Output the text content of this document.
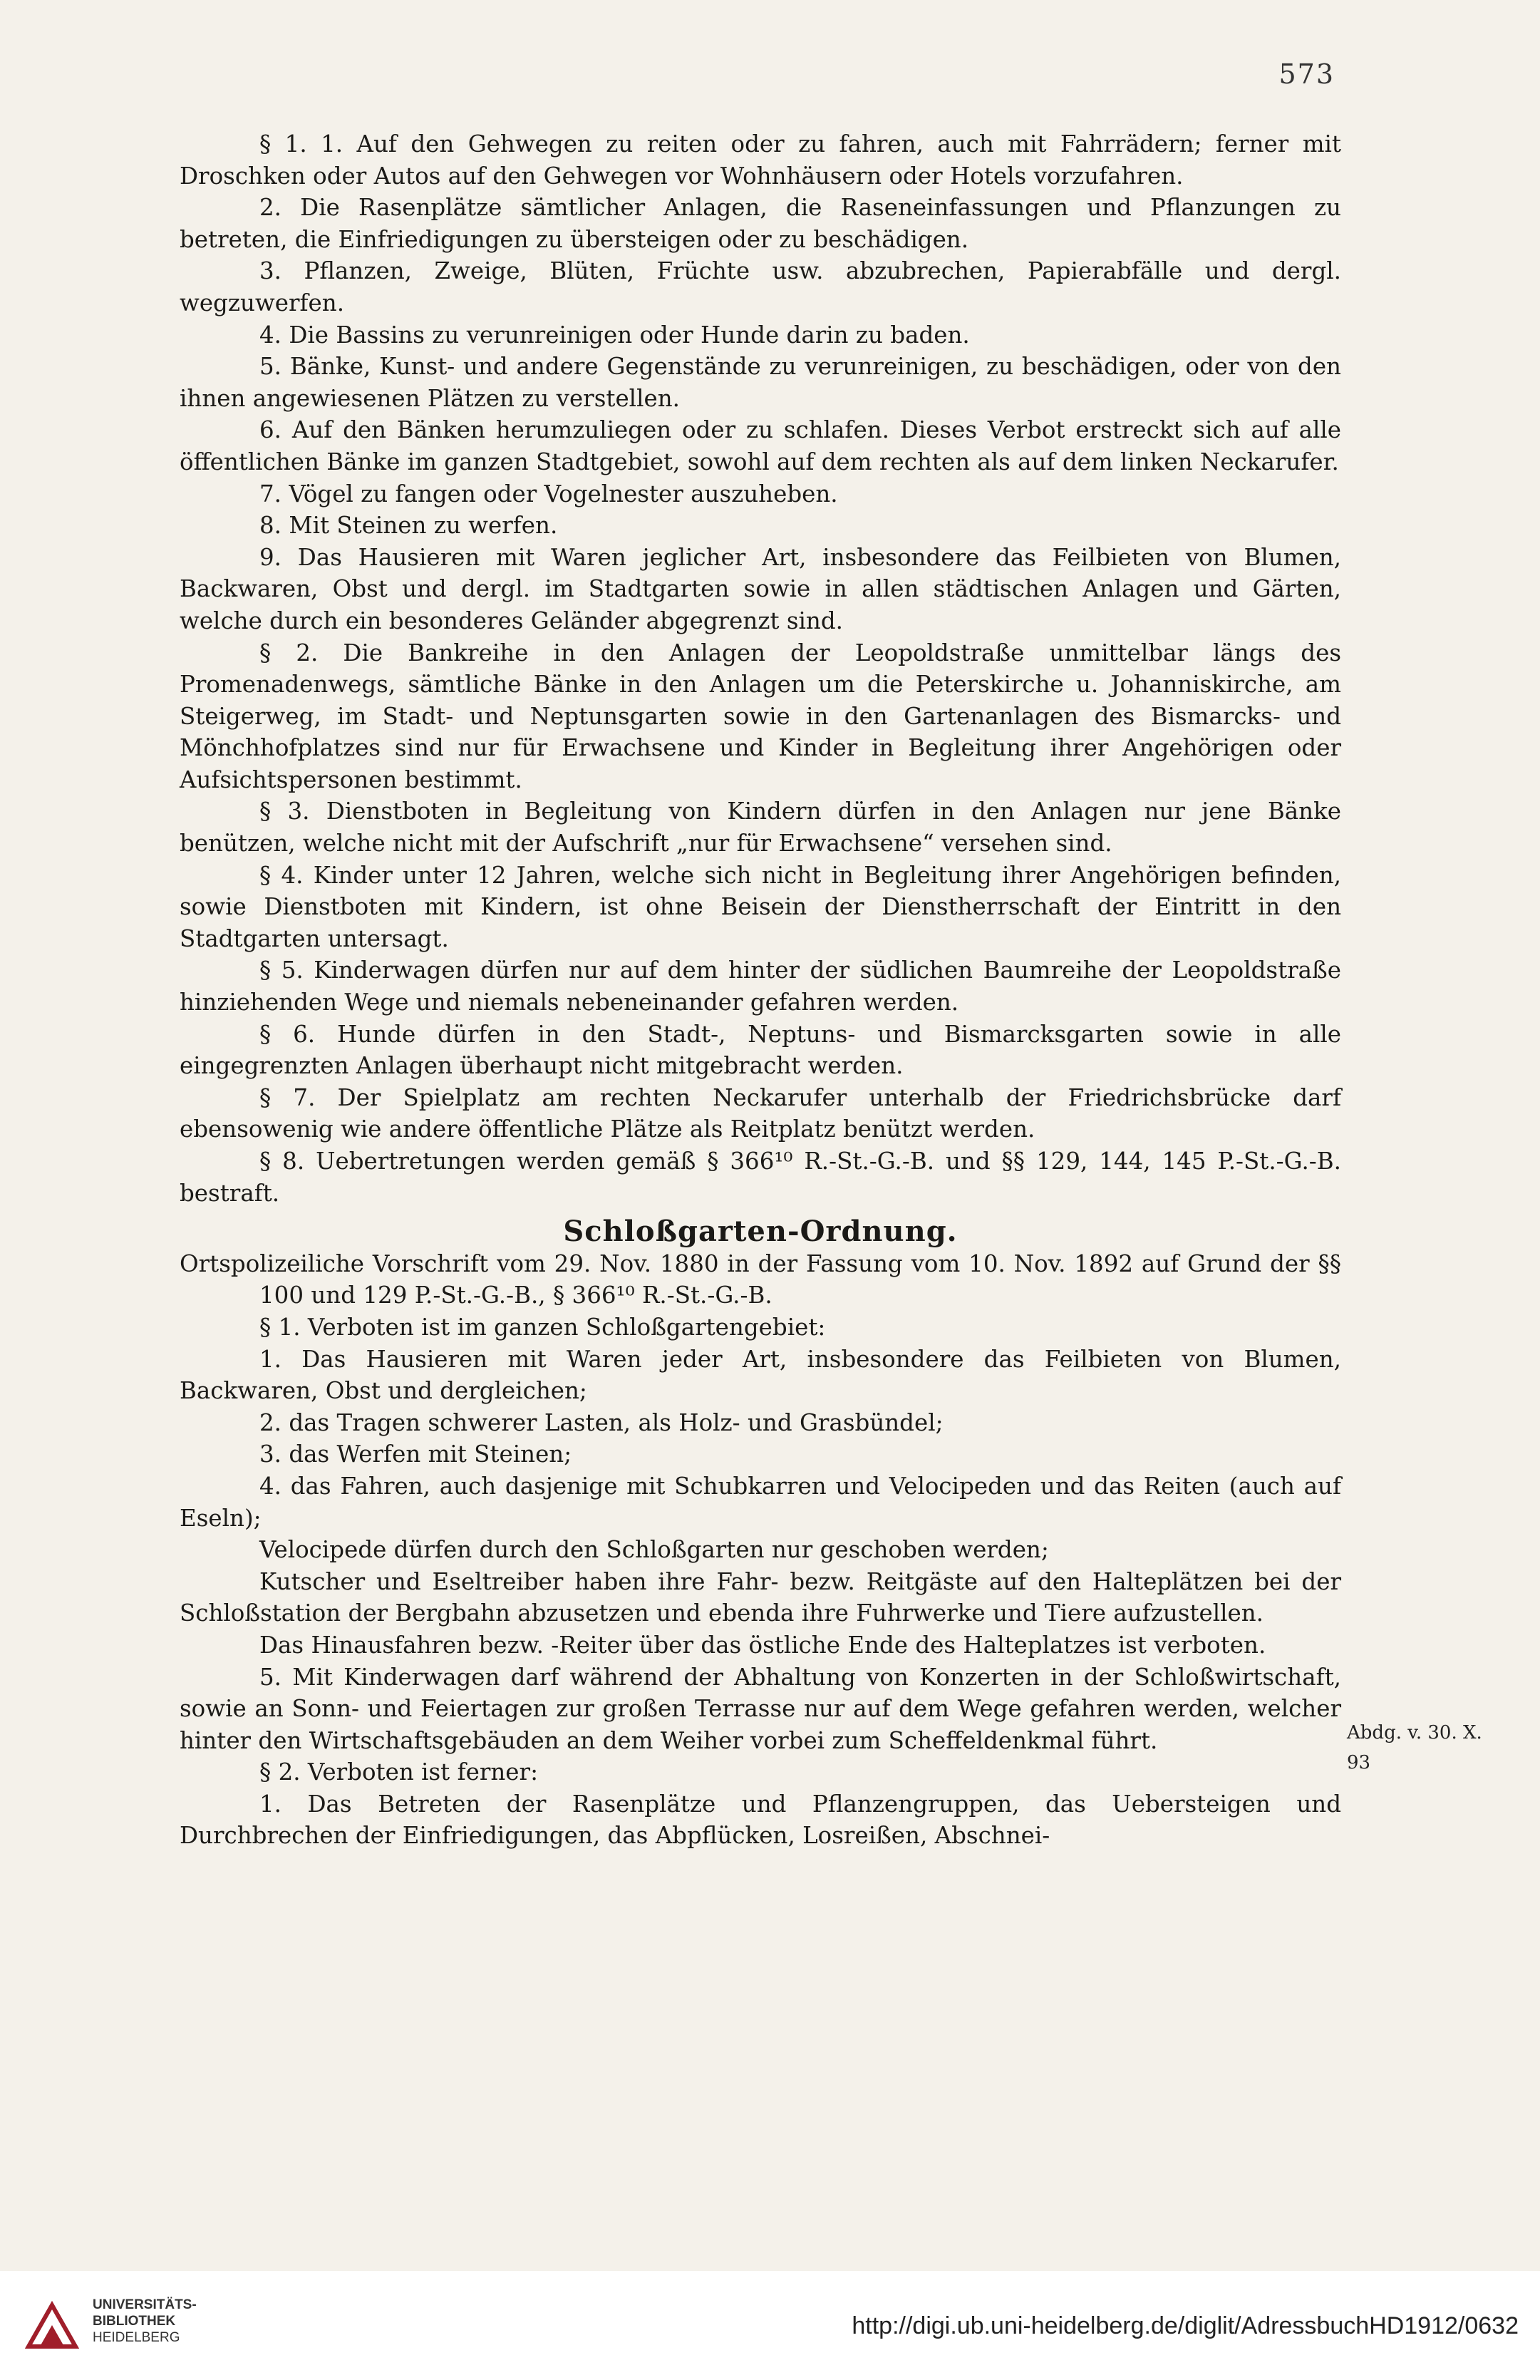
573

§ 1. 1. Auf den Gehwegen zu reiten oder zu fahren, auch mit Fahrrädern; ferner mit Droschken oder Autos auf den Gehwegen vor Wohnhäusern oder Hotels vorzufahren.

2. Die Rasenplätze sämtlicher Anlagen, die Raseneinfassungen und Pflanzungen zu betreten, die Einfriedigungen zu übersteigen oder zu beschädigen.

3. Pflanzen, Zweige, Blüten, Früchte usw. abzubrechen, Papierabfälle und dergl. wegzuwerfen.

4. Die Bassins zu verunreinigen oder Hunde darin zu baden.

5. Bänke, Kunst- und andere Gegenstände zu verunreinigen, zu beschädigen, oder von den ihnen angewiesenen Plätzen zu verstellen.

6. Auf den Bänken herumzuliegen oder zu schlafen. Dieses Verbot erstreckt sich auf alle öffentlichen Bänke im ganzen Stadtgebiet, sowohl auf dem rechten als auf dem linken Neckarufer.

7. Vögel zu fangen oder Vogelnester auszuheben.

8. Mit Steinen zu werfen.

9. Das Hausieren mit Waren jeglicher Art, insbesondere das Feilbieten von Blumen, Backwaren, Obst und dergl. im Stadtgarten sowie in allen städtischen Anlagen und Gärten, welche durch ein besonderes Geländer abgegrenzt sind.

§ 2. Die Bankreihe in den Anlagen der Leopoldstraße unmittelbar längs des Promenadenwegs, sämtliche Bänke in den Anlagen um die Peterskirche u. Johanniskirche, am Steigerweg, im Stadt- und Neptunsgarten sowie in den Gartenanlagen des Bismarcks- und Mönchhofplatzes sind nur für Erwachsene und Kinder in Begleitung ihrer Angehörigen oder Aufsichtspersonen bestimmt.

§ 3. Dienstboten in Begleitung von Kindern dürfen in den Anlagen nur jene Bänke benützen, welche nicht mit der Aufschrift „nur für Erwachsene“ versehen sind.

§ 4. Kinder unter 12 Jahren, welche sich nicht in Begleitung ihrer Angehörigen befinden, sowie Dienstboten mit Kindern, ist ohne Beisein der Dienstherrschaft der Eintritt in den Stadtgarten untersagt.

§ 5. Kinderwagen dürfen nur auf dem hinter der südlichen Baumreihe der Leopoldstraße hinziehenden Wege und niemals nebeneinander gefahren werden.

§ 6. Hunde dürfen in den Stadt-, Neptuns- und Bismarcksgarten sowie in alle eingegrenzten Anlagen überhaupt nicht mitgebracht werden.

§ 7. Der Spielplatz am rechten Neckarufer unterhalb der Friedrichsbrücke darf ebensowenig wie andere öffentliche Plätze als Reitplatz benützt werden.

§ 8. Uebertretungen werden gemäß § 366¹⁰ R.-St.-G.-B. und §§ 129, 144, 145 P.-St.-G.-B. bestraft.

Schloßgarten-Ordnung.

Ortspolizeiliche Vorschrift vom 29. Nov. 1880 in der Fassung vom 10. Nov. 1892 auf Grund der §§ 100 und 129 P.-St.-G.-B., § 366¹⁰ R.-St.-G.-B.

§ 1. Verboten ist im ganzen Schloßgartengebiet:

1. Das Hausieren mit Waren jeder Art, insbesondere das Feilbieten von Blumen, Backwaren, Obst und dergleichen;

2. das Tragen schwerer Lasten, als Holz- und Grasbündel;

3. das Werfen mit Steinen;

4. das Fahren, auch dasjenige mit Schubkarren und Velocipeden und das Reiten (auch auf Eseln);

Velocipede dürfen durch den Schloßgarten nur geschoben werden;

Kutscher und Eseltreiber haben ihre Fahr- bezw. Reitgäste auf den Halteplätzen bei der Schloßstation der Bergbahn abzusetzen und ebenda ihre Fuhrwerke und Tiere aufzustellen.

Das Hinausfahren bezw. -Reiter über das östliche Ende des Halteplatzes ist verboten.

5. Mit Kinderwagen darf während der Abhaltung von Konzerten in der Schloßwirtschaft, sowie an Sonn- und Feiertagen zur großen Terrasse nur auf dem Wege gefahren werden, welcher hinter den Wirtschaftsgebäuden an dem Weiher vorbei zum Scheffeldenkmal führt.

§ 2. Verboten ist ferner:

1. Das Betreten der Rasenplätze und Pflanzengruppen, das Uebersteigen und Durchbrechen der Einfriedigungen, das Abpflücken, Losreißen, Abschnei-

Abdg. v. 30. X. 93
UNIVERSITÄTS-
BIBLIOTHEK
HEIDELBERG	http://digi.ub.uni-heidelberg.de/diglit/AdressbuchHD1912/0632
